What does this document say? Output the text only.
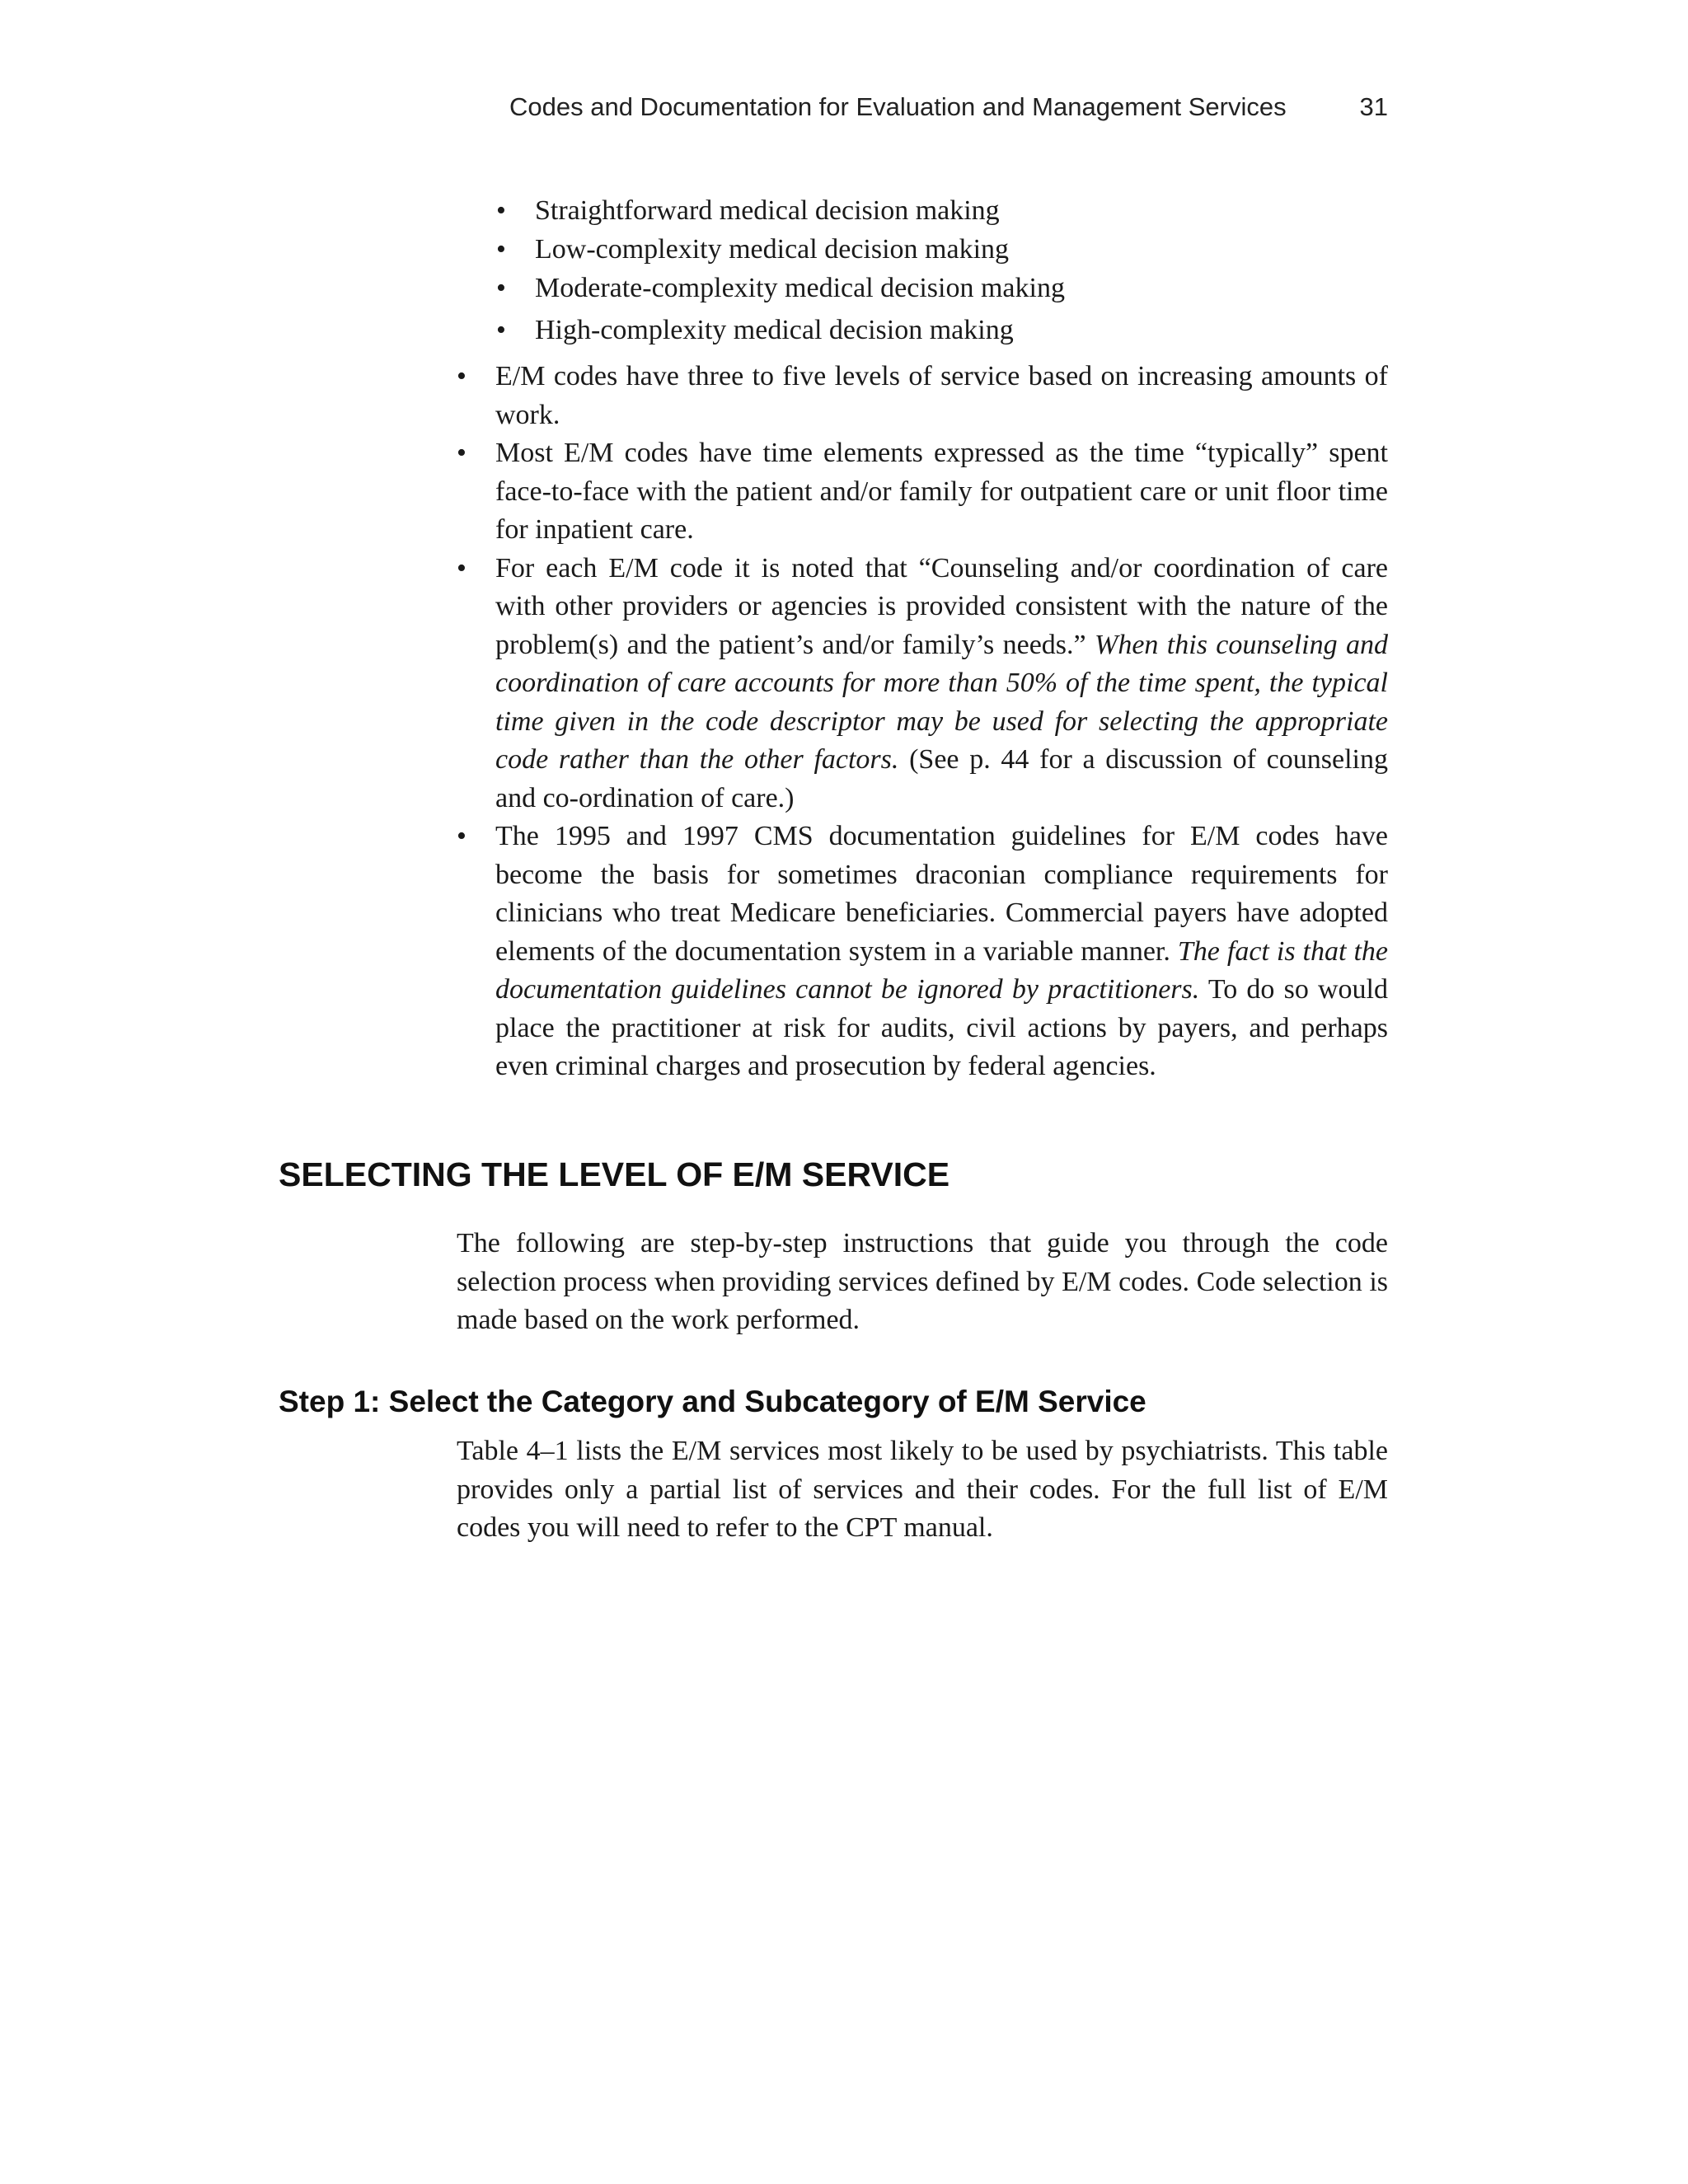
Codes and Documentation for Evaluation and Management Services	31
• Straightforward medical decision making
• Low-complexity medical decision making
• Moderate-complexity medical decision making
• High-complexity medical decision making
• E/M codes have three to five levels of service based on increasing amounts of work.
• Most E/M codes have time elements expressed as the time “typically” spent face-to-face with the patient and/or family for outpatient care or unit floor time for inpatient care.
• For each E/M code it is noted that “Counseling and/or coordination of care with other providers or agencies is provided consistent with the nature of the problem(s) and the patient’s and/or family’s needs.” When this counseling and coordination of care accounts for more than 50% of the time spent, the typical time given in the code descriptor may be used for selecting the appropriate code rather than the other factors. (See p. 44 for a discussion of counseling and co-ordination of care.)
• The 1995 and 1997 CMS documentation guidelines for E/M codes have become the basis for sometimes draconian compliance requirements for clinicians who treat Medicare beneficiaries. Commercial payers have adopted elements of the documentation system in a variable manner. The fact is that the documentation guidelines cannot be ignored by practitioners. To do so would place the practitioner at risk for audits, civil actions by payers, and perhaps even criminal charges and prosecution by federal agencies.
SELECTING THE LEVEL OF E/M SERVICE

The following are step-by-step instructions that guide you through the code selection process when providing services defined by E/M codes. Code selection is made based on the work performed.

Step 1: Select the Category and Subcategory of E/M Service

Table 4–1 lists the E/M services most likely to be used by psychiatrists. This table provides only a partial list of services and their codes. For the full list of E/M codes you will need to refer to the CPT manual.
